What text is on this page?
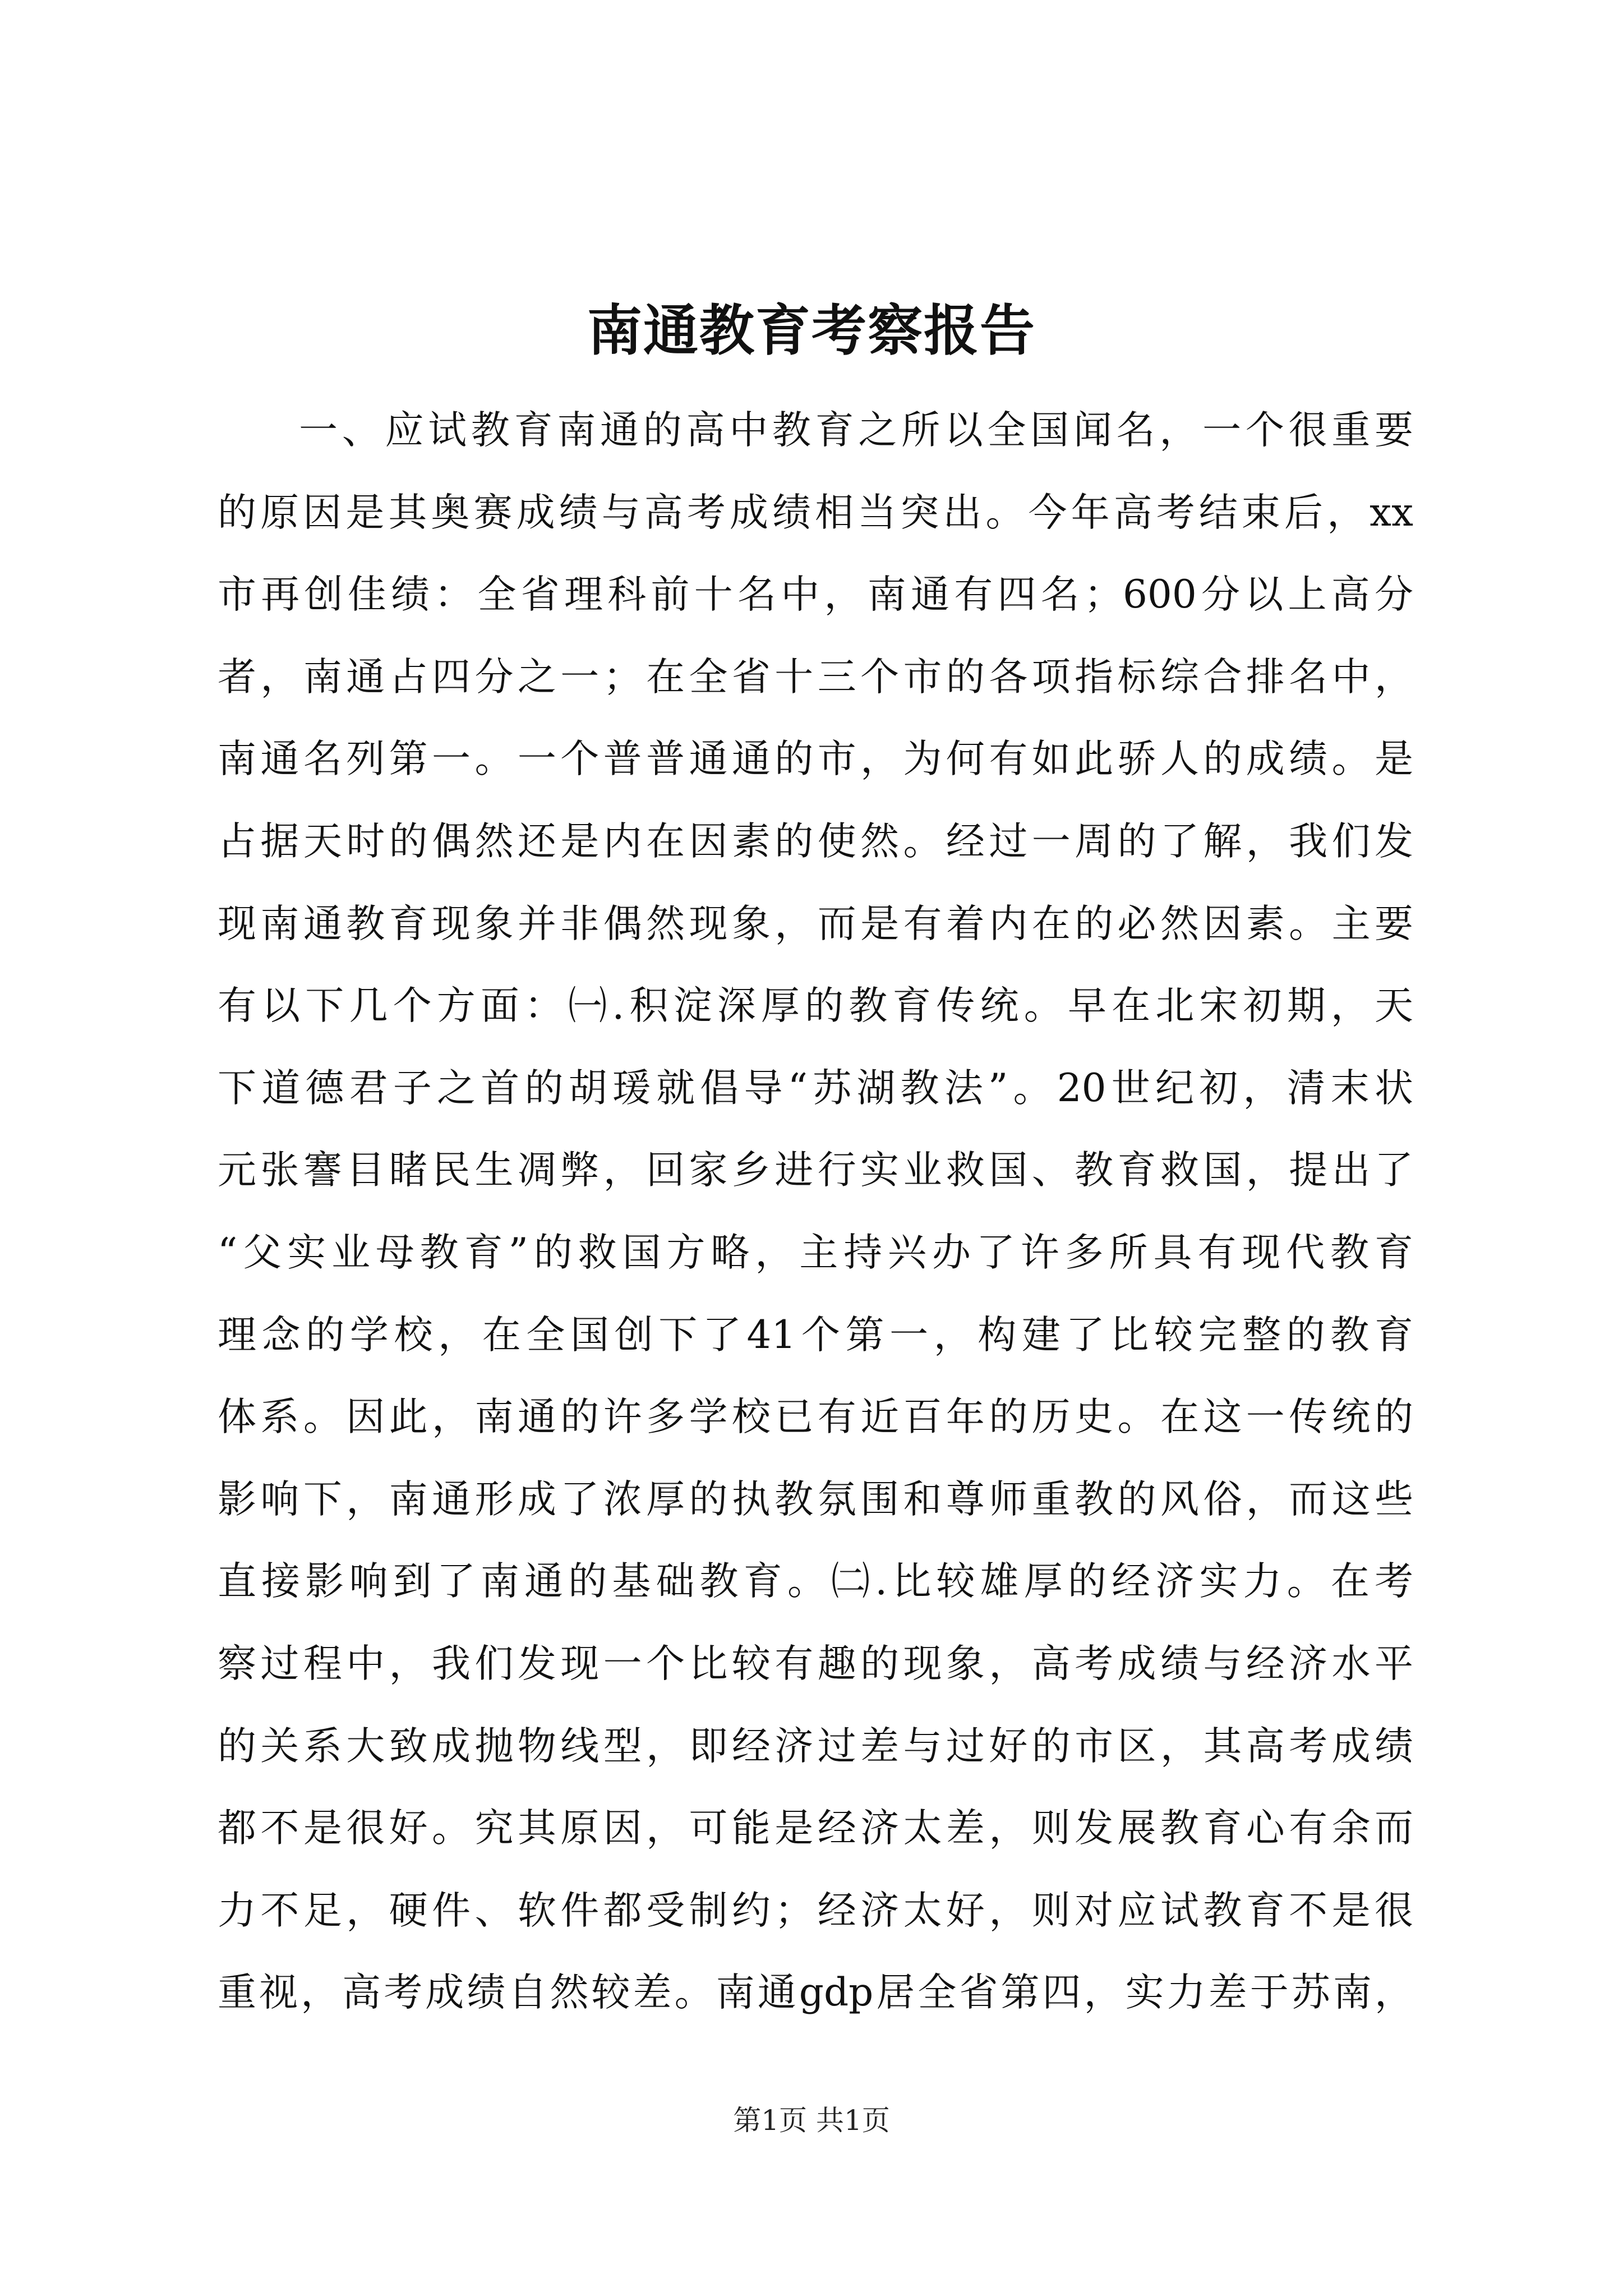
南通教育考察报告
一、应试教育南通的高中教育之所以全国闻名，一个很重要
的原因是其奥赛成绩与高考成绩相当突出。今年高考结束后，xx
市再创佳绩：全省理科前十名中，南通有四名；600分以上高分
者，南通占四分之一；在全省十三个市的各项指标综合排名中，
南通名列第一。一个普普通通的市，为何有如此骄人的成绩。是
占据天时的偶然还是内在因素的使然。经过一周的了解，我们发
现南通教育现象并非偶然现象，而是有着内在的必然因素。主要
有以下几个方面：㈠.积淀深厚的教育传统。早在北宋初期，天
下道德君子之首的胡瑗就倡导“苏湖教法”。20世纪初，清末状
元张謇目睹民生凋弊，回家乡进行实业救国、教育救国，提出了
“父实业母教育”的救国方略，主持兴办了许多所具有现代教育
理念的学校，在全国创下了41个第一，构建了比较完整的教育
体系。因此，南通的许多学校已有近百年的历史。在这一传统的
影响下，南通形成了浓厚的执教氛围和尊师重教的风俗，而这些
直接影响到了南通的基础教育。㈡.比较雄厚的经济实力。在考
察过程中，我们发现一个比较有趣的现象，高考成绩与经济水平
的关系大致成抛物线型，即经济过差与过好的市区，其高考成绩
都不是很好。究其原因，可能是经济太差，则发展教育心有余而
力不足，硬件、软件都受制约；经济太好，则对应试教育不是很
重视，高考成绩自然较差。南通gdp居全省第四，实力差于苏南，
第1页 共1页
